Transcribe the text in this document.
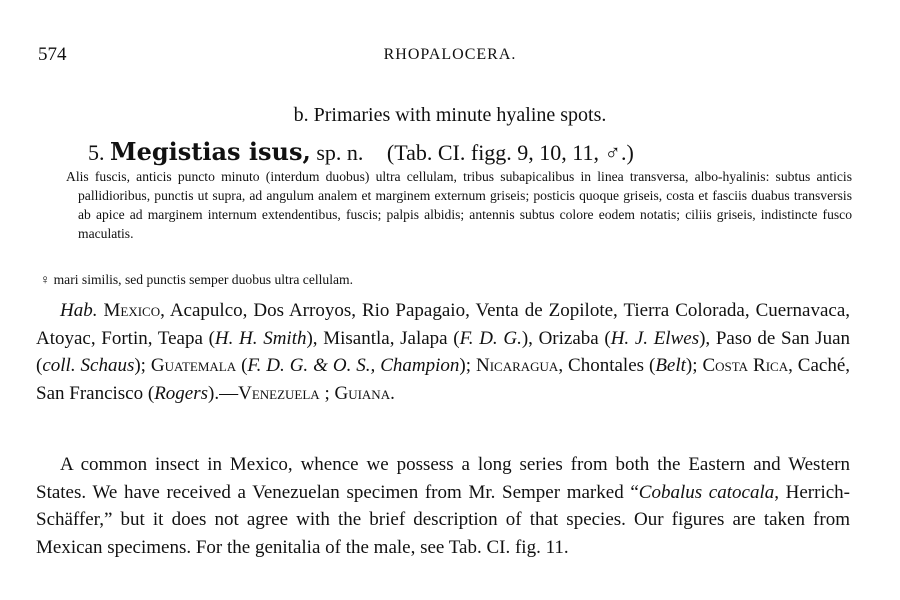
574	RHOPALOCERA.
b. Primaries with minute hyaline spots.
5. Megistias isus, sp. n. (Tab. CI. figg. 9, 10, 11, ♂.)
Alis fuscis, anticis puncto minuto (interdum duobus) ultra cellulam, tribus subapicalibus in linea transversa, albo-hyalinis: subtus anticis pallidioribus, punctis ut supra, ad angulum analem et marginem externum griseis; posticis quoque griseis, costa et fasciis duabus transversis ab apice ad marginem internum extendentibus, fuscis; palpis albidis; antennis subtus colore eodem notatis; ciliis griseis, indistincte fusco maculatis.
♀ mari similis, sed punctis semper duobus ultra cellulam.
Hab. Mexico, Acapulco, Dos Arroyos, Rio Papagaio, Venta de Zopilote, Tierra Colorada, Cuernavaca, Atoyac, Fortin, Teapa (H. H. Smith), Misantla, Jalapa (F. D. G.), Orizaba (H. J. Elwes), Paso de San Juan (coll. Schaus); Guatemala (F. D. G. & O. S., Champion); Nicaragua, Chontales (Belt); Costa Rica, Caché, San Francisco (Rogers).—Venezuela ; Guiana.
A common insect in Mexico, whence we possess a long series from both the Eastern and Western States. We have received a Venezuelan specimen from Mr. Semper marked “Cobalus catocala, Herrich-Schäffer,” but it does not agree with the brief description of that species. Our figures are taken from Mexican specimens. For the genitalia of the male, see Tab. CI. fig. 11.
